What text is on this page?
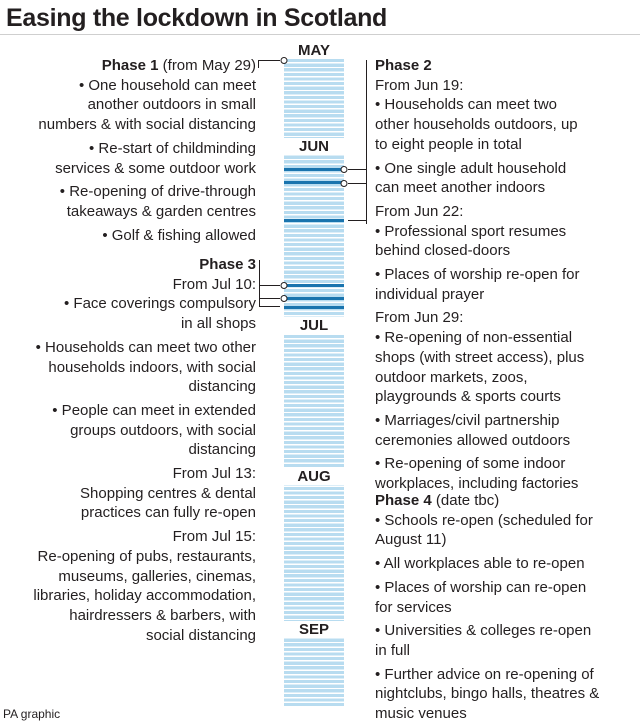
Easing the lockdown in Scotland
MAY
JUN
JUL
AUG
SEP

Phase 1 (from May 29)

• One household can meet

another outdoors in small

numbers & with social distancing

• Re-start of childminding

services & some outdoor work

• Re-opening of drive-through

takeaways & garden centres

• Golf & fishing allowed

Phase 3

From Jul 10:

• Face coverings compulsory

in all shops

• Households can meet two other

households indoors, with social

distancing

• People can meet in extended

groups outdoors, with social

distancing

From Jul 13:

Shopping centres & dental

practices can fully re-open

From Jul 15:

Re-opening of pubs, restaurants,

museums, galleries, cinemas,

libraries, holiday accommodation,

hairdressers & barbers, with

social distancing

Phase 2

From Jun 19:

• Households can meet two

other households outdoors, up

to eight people in total

• One single adult household

can meet another indoors

From Jun 22:

• Professional sport resumes

behind closed-doors

• Places of worship re-open for

individual prayer

From Jun 29:

• Re-opening of non-essential

shops (with street access), plus

outdoor markets, zoos,

playgrounds & sports courts

• Marriages/civil partnership

ceremonies allowed outdoors

• Re-opening of some indoor

workplaces, including factories

Phase 4 (date tbc)

• Schools re-open (scheduled for

August 11)

• All workplaces able to re-open

• Places of worship can re-open

for services

• Universities & colleges re-open

in full

• Further advice on re-opening of

nightclubs, bingo halls, theatres &

music venues

PA graphic
